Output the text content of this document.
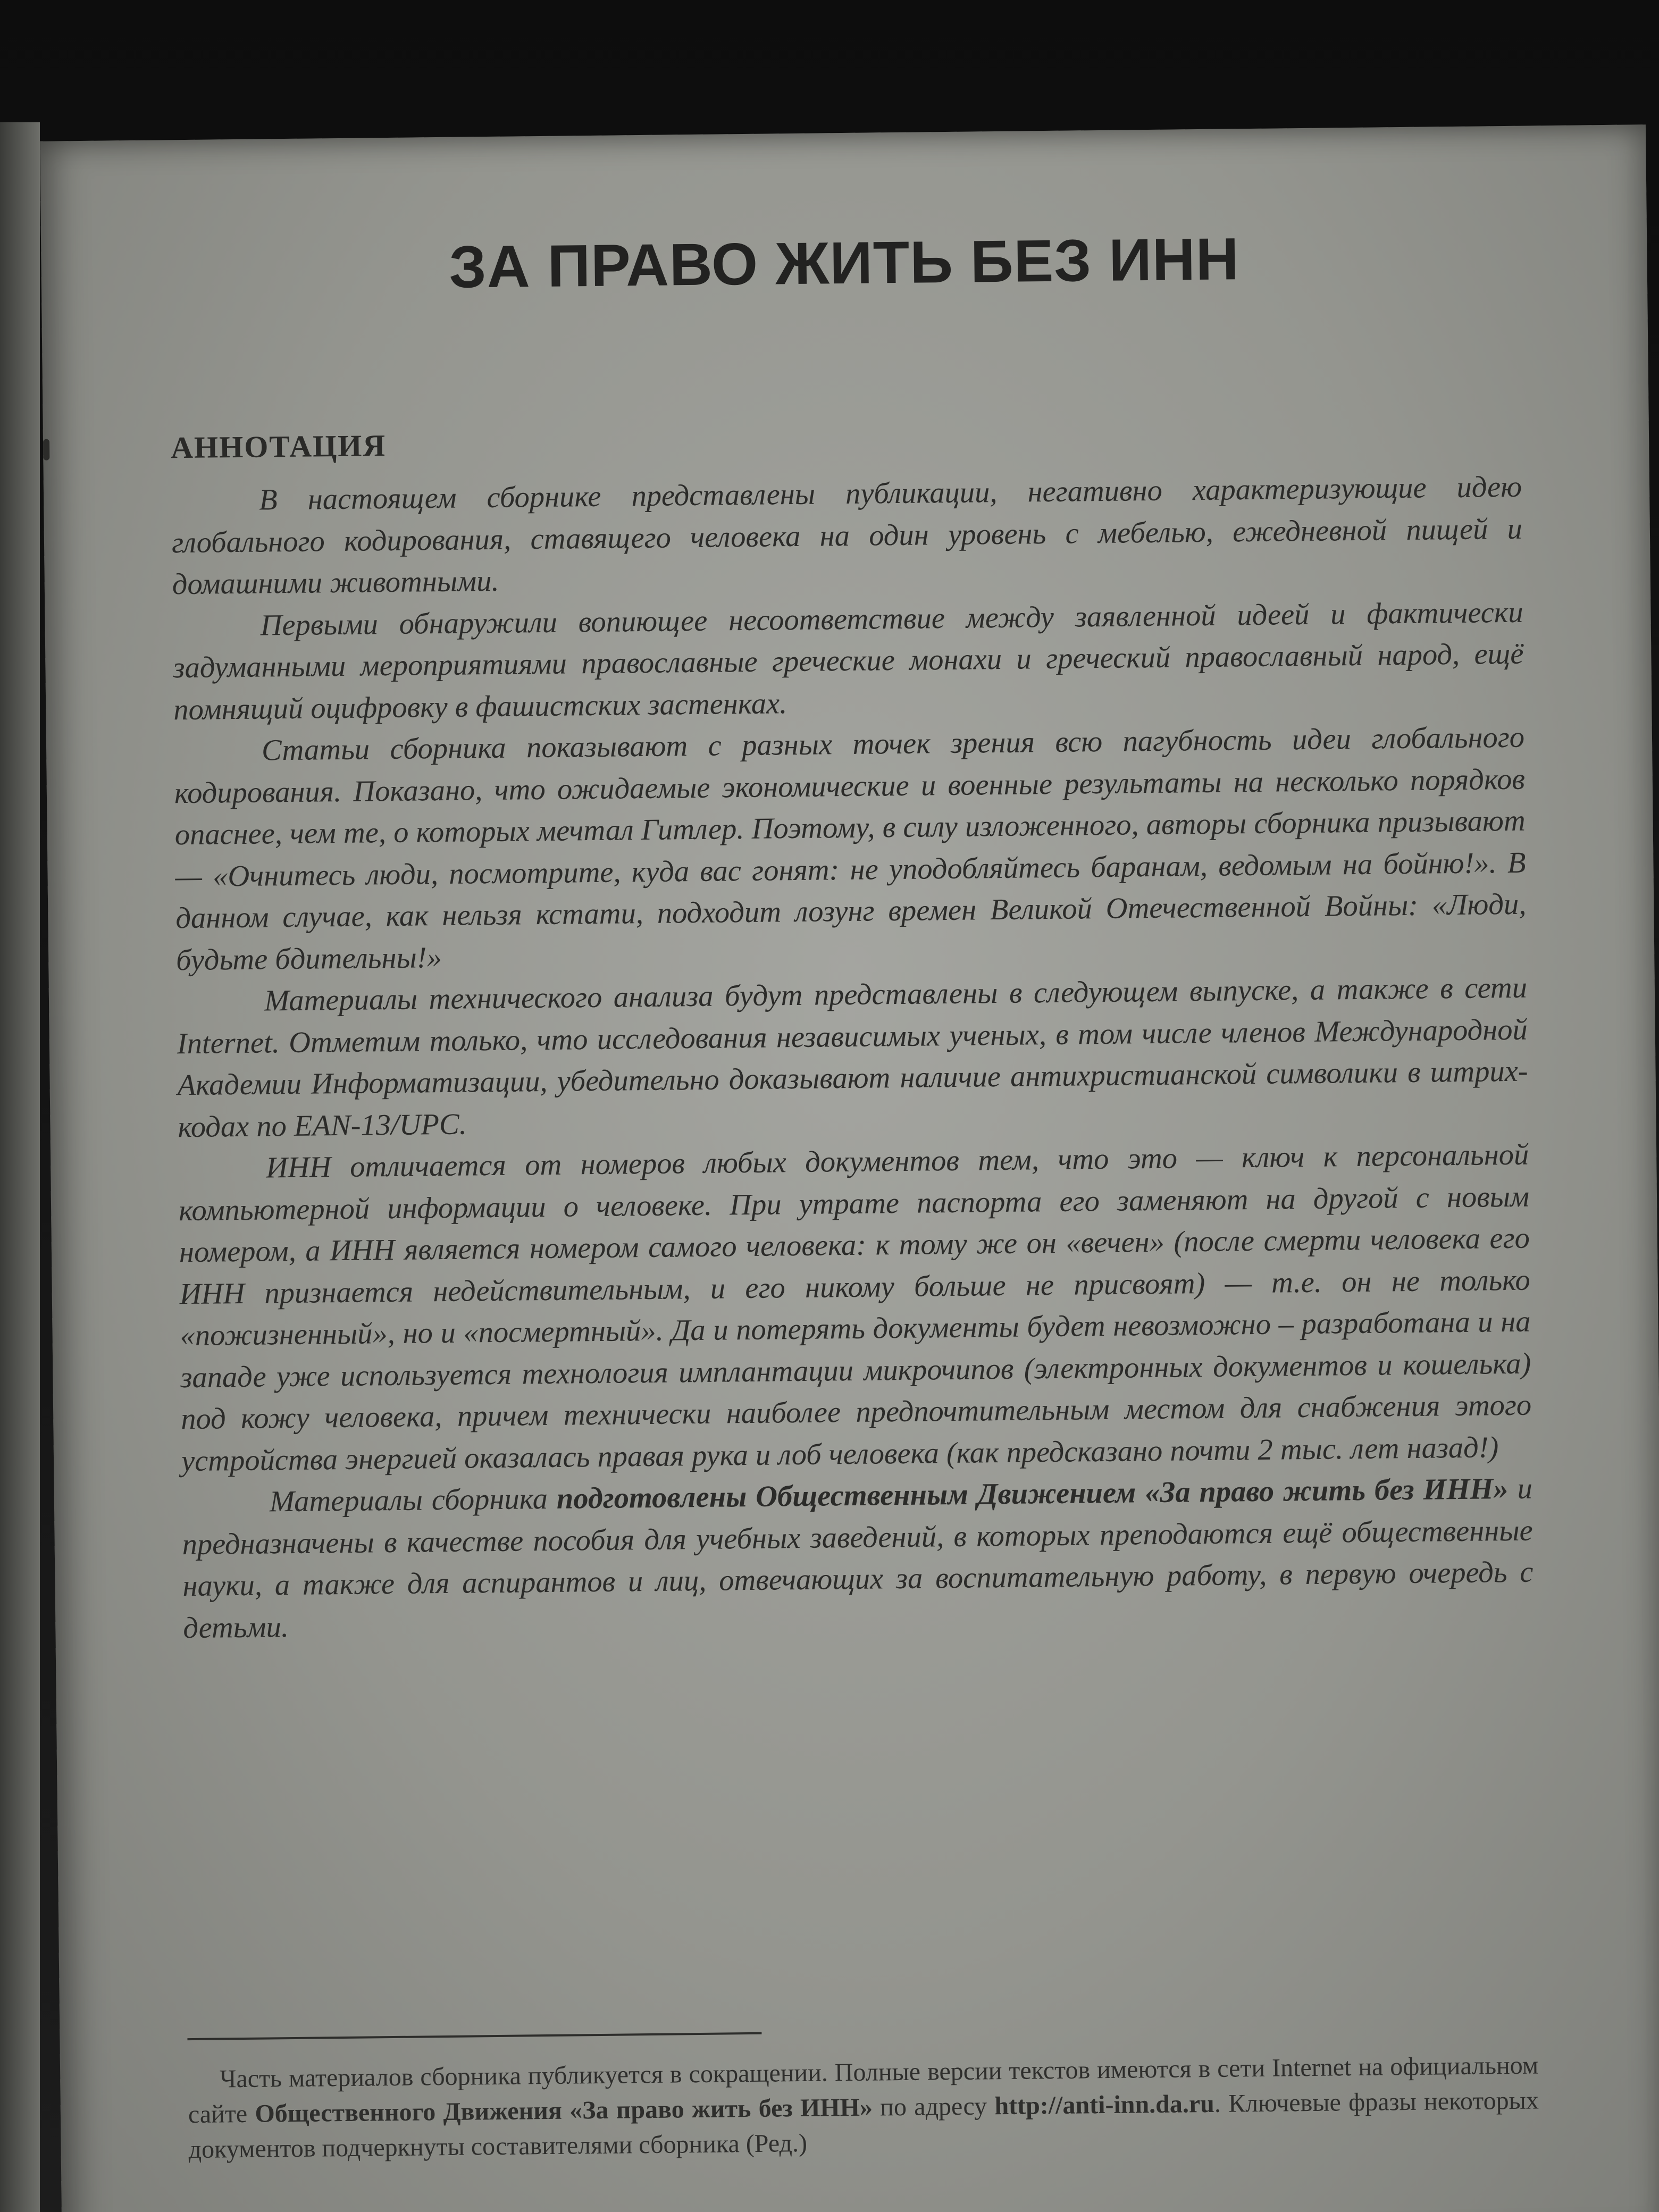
ЗА ПРАВО ЖИТЬ БЕЗ ИНН
АННОТАЦИЯ

В настоящем сборнике представлены публикации, негативно характеризующие идею глобального кодирования, ставящего человека на один уровень с мебелью, ежедневной пищей и домашними животными.

Первыми обнаружили вопиющее несоответствие между заявленной идеей и фактически задуманными мероприятиями православные греческие монахи и греческий православный народ, ещё помнящий оцифровку в фашистских застенках.

Статьи сборника показывают с разных точек зрения всю пагубность идеи глобального кодирования. Показано, что ожидаемые экономические и военные результаты на несколько порядков опаснее, чем те, о которых мечтал Гитлер. Поэтому, в силу изложенного, авторы сборника призывают — «Очнитесь люди, посмотрите, куда вас гонят: не уподобляйтесь баранам, ведомым на бойню!». В данном случае, как нельзя кстати, подходит лозунг времен Великой Отечественной Войны: «Люди, будьте бдительны!»

Материалы технического анализа будут представлены в следующем выпуске, а также в сети Internet. Отметим только, что исследования независимых ученых, в том числе членов Международной Академии Информатизации, убедительно доказывают наличие антихристианской символики в штрих-кодах по EAN-13/UPC.

ИНН отличается от номеров любых документов тем, что это — ключ к персональной компьютерной информации о человеке. При утрате паспорта его заменяют на другой с новым номером, а ИНН является номером самого человека: к тому же он «вечен» (после смерти человека его ИНН признается недействительным, и его никому больше не присвоят) — т.е. он не только «пожизненный», но и «посмертный». Да и потерять документы будет невозможно – разработана и на западе уже используется технология имплантации микрочипов (электронных документов и кошелька) под кожу человека, причем технически наиболее предпочтительным местом для снабжения этого устройства энергией оказалась правая рука и лоб человека (как предсказано почти 2 тыс. лет назад!)

Материалы сборника подготовлены Общественным Движением «За право жить без ИНН» и предназначены в качестве пособия для учебных заведений, в которых преподаются ещё общественные науки, а также для аспирантов и лиц, отвечающих за воспитательную работу, в первую очередь с детьми.

Часть материалов сборника публикуется в сокращении. Полные версии текстов имеются в сети Internet на официальном сайте Общественного Движения «За право жить без ИНН» по адресу http://anti-inn.da.ru. Ключевые фразы некоторых документов подчеркнуты составителями сборника (Ред.)
